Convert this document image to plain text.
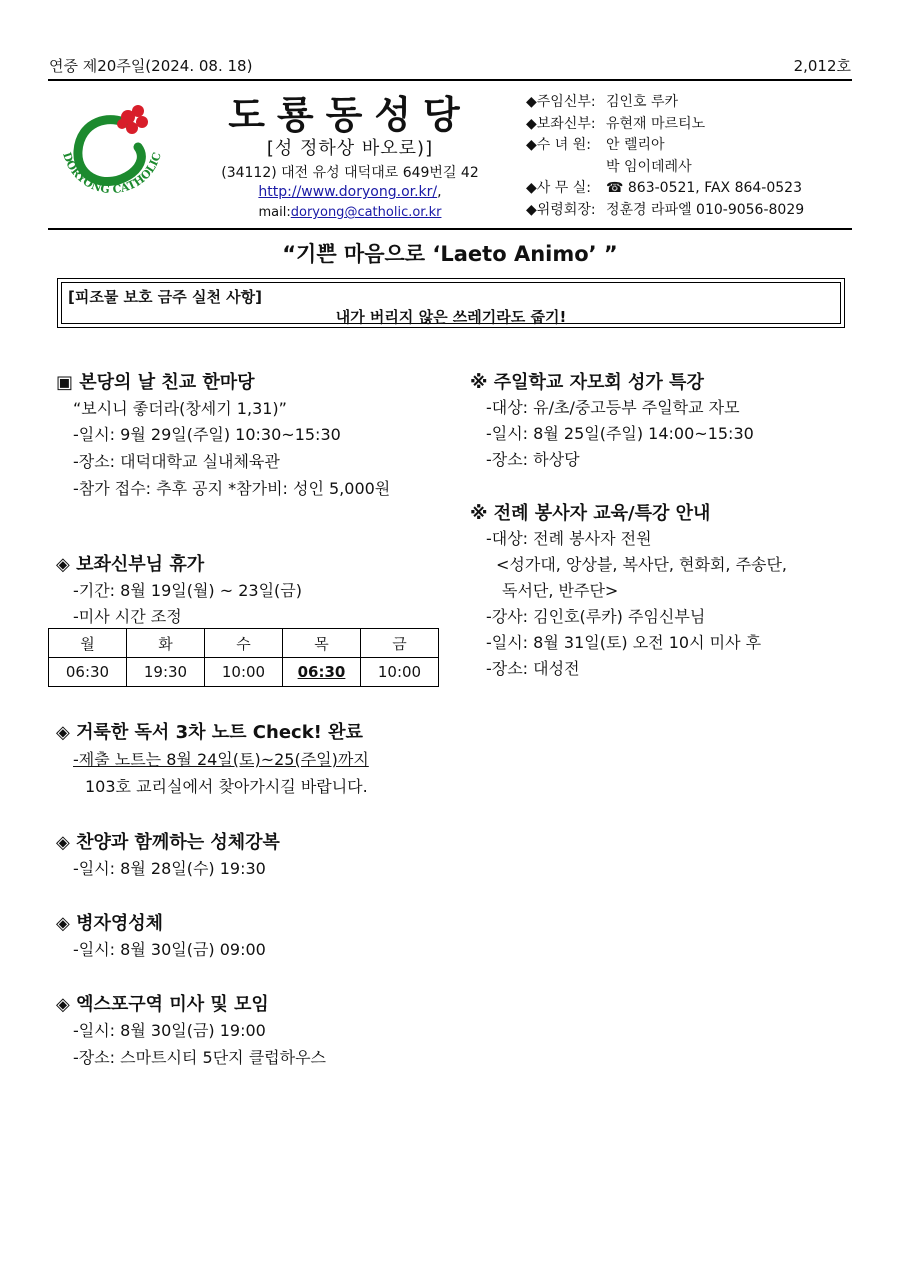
연중 제20주일(2024. 08. 18)	2,012호
DORYONG CATHOLIC
도룡동성당
[성 정하상 바오로)]
(34112) 대전 유성 대덕대로 649번길 42
http://www.doryong.or.kr/,
mail:doryong@catholic.or.kr
◆주임신부: 김인호 루카
◆보좌신부: 유현재 마르티노
◆수 녀 원: 안 렐리아
박 임이데레사
◆사 무 실: ☎ 863-0521, FAX 864-0523
◆위령회장: 정훈경 라파엘 010-9056-8029
“기쁜 마음으로 ‘Laeto Animo’ ”
[피조물 보호 금주 실천 사항]
내가 버리지 않은 쓰레기라도 줍기!
▣ 본당의 날 친교 한마당
“보시니 좋더라(창세기 1,31)”
-일시: 9월 29일(주일) 10:30~15:30
-장소: 대덕대학교 실내체육관
-참가 접수: 추후 공지 *참가비: 성인 5,000원
◈ 보좌신부님 휴가
-기간: 8월 19일(월) ~ 23일(금)
-미사 시간 조정
월	화	수	목	금
06:30	19:30	10:00	06:30	10:00
◈ 거룩한 독서 3차 노트 Check! 완료
-제출 노트는 8월 24일(토)~25(주일)까지
103호 교리실에서 찾아가시길 바랍니다.
◈ 찬양과 함께하는 성체강복
-일시: 8월 28일(수) 19:30
◈ 병자영성체
-일시: 8월 30일(금) 09:00
◈ 엑스포구역 미사 및 모임
-일시: 8월 30일(금) 19:00
-장소: 스마트시티 5단지 클럽하우스
※ 주일학교 자모회 성가 특강
-대상: 유/초/중고등부 주일학교 자모
-일시: 8월 25일(주일) 14:00~15:30
-장소: 하상당
※ 전례 봉사자 교육/특강 안내
-대상: 전례 봉사자 전원
<성가대, 앙상블, 복사단, 현화회, 주송단,
독서단, 반주단>
-강사: 김인호(루카) 주임신부님
-일시: 8월 31일(토) 오전 10시 미사 후
-장소: 대성전
